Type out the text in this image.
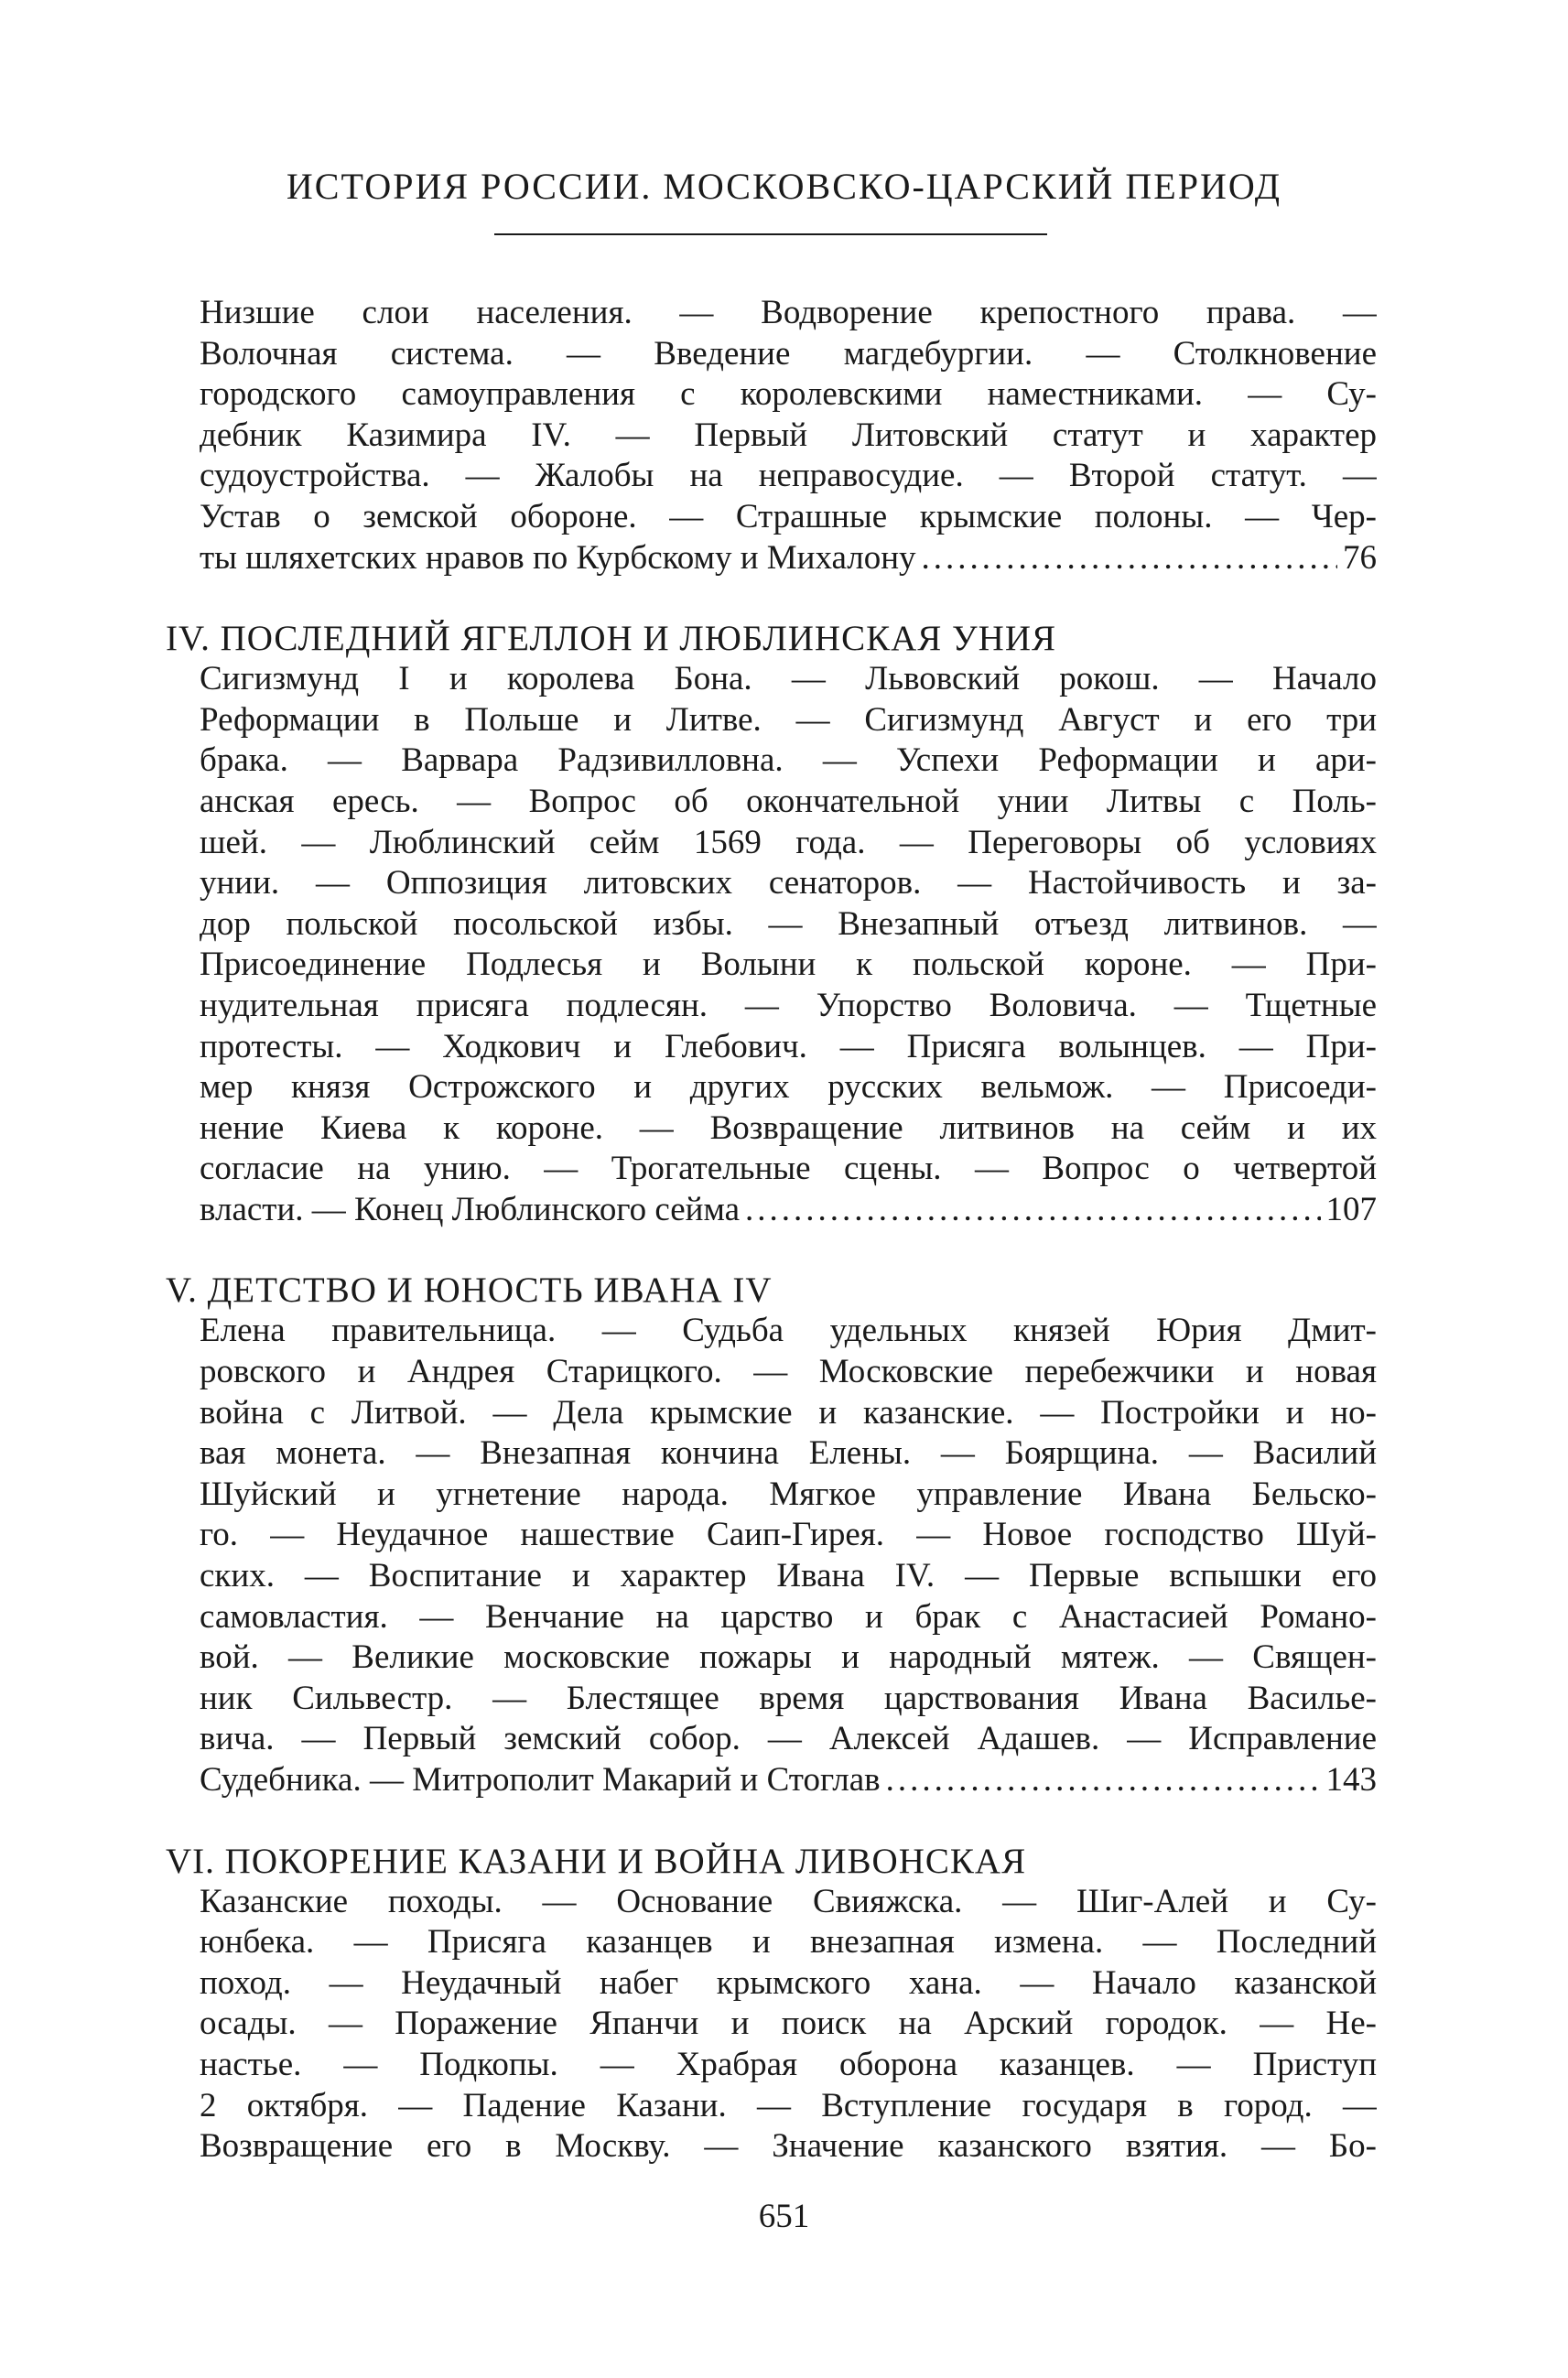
ИСТОРИЯ РОССИИ. МОСКОВСКО-ЦАРСКИЙ ПЕРИОД
Низшие слои населения. — Водворение крепостного права. —
Волочная система. — Введение магдебургии. — Столкновение
городского самоуправления с королевскими наместниками. — Су-
дебник Казимира IV. — Первый Литовский статут и характер
судоустройства. — Жалобы на неправосудие. — Второй статут. —
Устав о земской обороне. — Страшные крымские полоны. — Чер-
ты шляхетских нравов по Курбскому и Михалону .....	76

IV. ПОСЛЕДНИЙ ЯГЕЛЛОН И ЛЮБЛИНСКАЯ УНИЯ

Сигизмунд I и королева Бона. — Львовский рокош. — Начало
Реформации в Польше и Литве. — Сигизмунд Август и его три
брака. — Варвара Радзивилловна. — Успехи Реформации и ари-
анская ересь. — Вопрос об окончательной унии Литвы с Поль-
шей. — Люблинский сейм 1569 года. — Переговоры об условиях
унии. — Оппозиция литовских сенаторов. — Настойчивость и за-
дор польской посольской избы. — Внезапный отъезд литвинов. —
Присоединение Подлесья и Волыни к польской короне. — При-
нудительная присяга подлесян. — Упорство Воловича. — Тщетные
протесты. — Ходкович и Глебович. — Присяга волынцев. — При-
мер князя Острожского и других русских вельмож. — Присоеди-
нение Киева к короне. — Возвращение литвинов на сейм и их
согласие на унию. — Трогательные сцены. — Вопрос о четвертой
власти. — Конец Люблинского сейма .....	107

V. ДЕТСТВО И ЮНОСТЬ ИВАНА IV

Елена правительница. — Судьба удельных князей Юрия Дмит-
ровского и Андрея Старицкого. — Московские перебежчики и новая
война с Литвой. — Дела крымские и казанские. — Постройки и но-
вая монета. — Внезапная кончина Елены. — Боярщина. — Василий
Шуйский и угнетение народа. Мягкое управление Ивана Бельско-
го. — Неудачное нашествие Саип-Гирея. — Новое господство Шуй-
ских. — Воспитание и характер Ивана IV. — Первые вспышки его
самовластия. — Венчание на царство и брак с Анастасией Романо-
вой. — Великие московские пожары и народный мятеж. — Священ-
ник Сильвестр. — Блестящее время царствования Ивана Василье-
вича. — Первый земский собор. — Алексей Адашев. — Исправление
Судебника. — Митрополит Макарий и Стоглав .....	143

VI. ПОКОРЕНИЕ КАЗАНИ И ВОЙНА ЛИВОНСКАЯ

Казанские походы. — Основание Свияжска. — Шиг-Алей и Су-
юнбека. — Присяга казанцев и внезапная измена. — Последний
поход. — Неудачный набег крымского хана. — Начало казанской
осады. — Поражение Япанчи и поиск на Арский городок. — Не-
настье. — Подкопы. — Храбрая оборона казанцев. — Приступ
2 октября. — Падение Казани. — Вступление государя в город. —
Возвращение его в Москву. — Значение казанского взятия. — Бо-
651
